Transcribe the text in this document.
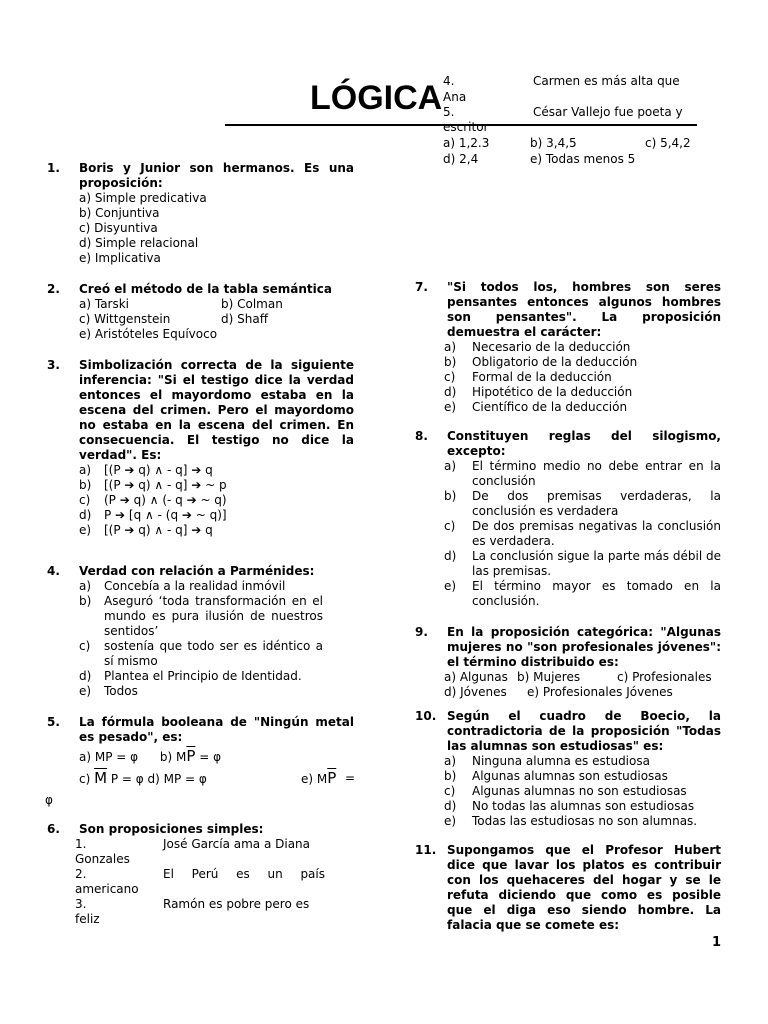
LÓGICA 4.	Carmen es más alta que
Ana
5.	César Vallejo fue poeta y
escritor
a) 1,2.3	b) 3,4,5	c) 5,4,2
d) 2,4	e) Todas menos 5
1. Boris y Junior son hermanos. Es una proposición:
a) Simple predicativa
b) Conjuntiva
c) Disyuntiva
d) Simple relacional
e) Implicativa
2. Creó el método de la tabla semántica
a) Tarski	b) Colman
c) Wittgenstein	d) Shaff
e) Aristóteles Equívoco
3. Simbolización correcta de la siguiente inferencia: "Si el testigo dice la verdad entonces el mayordomo estaba en la escena del crimen. Pero el mayordomo no estaba en la escena del crimen. En consecuencia. El testigo no dice la verdad". Es:
a) [(P ➔ q) ∧ - q] ➔ q
b) [(P ➔ q) ∧ - q] ➔ ~ p
c) (P ➔ q) ∧ (- q ➔ ~ q)
d) P ➔ [q ∧ - (q ➔ ~ q)]
e) [(P ➔ q) ∧ - q] ➔ q
4. Verdad con relación a Parménides:
a) Concebía a la realidad inmóvil
b) Aseguró ‘toda transformación en el mundo es pura ilusión de nuestros sentidos’
c) sostenía que todo ser es idéntico a sí mismo
d) Plantea el Principio de Identidad.
e) Todos
5. La fórmula booleana de "Ningún metal es pesado", es:
a) MP = φ b) $M\overline{P} = \varphi$
c) $\overline{M}$ P = φ d) MP = φ	e) $M\overline{P}$ =
φ
6. Son proposiciones simples:
1.	José García ama a Diana
Gonzales
2.	El Perú es un país
americano
3.	Ramón es pobre pero es
feliz
7. "Si todos los, hombres son seres pensantes entonces algunos hombres son pensantes". La proposición demuestra el carácter:
a) Necesario de la deducción
b) Obligatorio de la deducción
c) Formal de la deducción
d) Hipotético de la deducción
e) Científico de la deducción
8. Constituyen reglas del silogismo, excepto:
a) El término medio no debe entrar en la conclusión
b) De dos premisas verdaderas, la conclusión es verdadera
c) De dos premisas negativas la conclusión es verdadera.
d) La conclusión sigue la parte más débil de las premisas.
e) El término mayor es tomado en la conclusión.
9. En la proposición categórica: "Algunas mujeres no "son profesionales jóvenes": el término distribuido es:
a) Algunas b) Mujeres	c) Profesionales
d) Jóvenes	e) Profesionales Jóvenes
10. Según el cuadro de Boecio, la contradictoria de la proposición "Todas las alumnas son estudiosas" es:
a) Ninguna alumna es estudiosa
b) Algunas alumnas son estudiosas
c) Algunas alumnas no son estudiosas
d) No todas las alumnas son estudiosas
e) Todas las estudiosas no son alumnas.
11. Supongamos que el Profesor Hubert dice que lavar los platos es contribuir con los quehaceres del hogar y se le refuta diciendo que como es posible que el diga eso siendo hombre. La falacia que se comete es:
1
